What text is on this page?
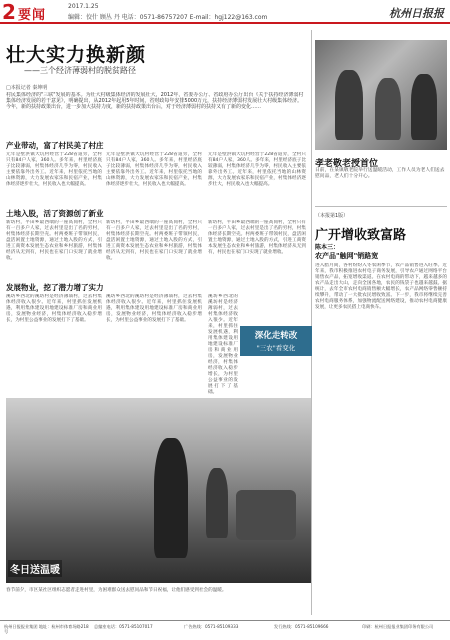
2 要闻
2017.1.25
编辑：佼什 顾丛 丹 电话：0571-86757207 E-mail：hgj122@163.com	杭州日报报
壮大实力换新颜
——三个经济薄弱村的脱贫路径
□本报记者 秦坤明
村民集体经济的"三联"发展的基本。为壮大村级集体经济的发展壮大，2012年，省委办公厅、省政府办公厅出台《关于扶持经济薄弱村集体经济发展的若干意见》，明确提出，从2012年起用5年时间，省财政每年安排5000万元，扶持经济薄弱村发展壮大村级集体经济。今年，新的扶持政策出台，进一步加大扶持力度，新的扶持政策出台后，对于经济薄弱村的扶持又有了新的变化……
产业带动，富了村民美了村庄
元年是壁洪镇大坑村经营于228省道旁，全村只有84户人家，360人。多年来，村里经济底子比较薄弱，村集体经济几乎为零，村民收入主要依靠外出务工。近年来，村里依托当地的山林资源，大力发展农家乐和民宿产业，村集体经济逐步壮大，村民收入也大幅提高。
元年是壁洪镇大坑村经营于228省道旁，全村只有84户人家，360人。多年来，村里经济底子比较薄弱，村集体经济几乎为零，村民收入主要依靠外出务工。近年来，村里依托当地的山林资源，大力发展农家乐和民宿产业，村集体经济逐步壮大，村民收入也大幅提高。
元年是壁洪镇大坑村经营于228省道旁，全村只有84户人家，360人。多年来，村里经济底子比较薄弱，村集体经济几乎为零，村民收入主要依靠外出务工。近年来，村里依托当地的山林资源，大力发展农家乐和民宿产业，村集体经济逐步壮大，村民收入也大幅提高。
土地入股，活了资源创了新业
新坊村，平田乡最西端的一座高岗村，全村只有一百多户人家，过去村里是出了名的穷村，村集体经济长期空壳。村两委班子带领村民，盘活闲置土地资源，通过土地入股的方式，引进工商资本发展生态农业和乡村旅游，村集体经济从无到有，村民也在家门口实现了就业增收。
新坊村，平田乡最西端的一座高岗村，全村只有一百多户人家，过去村里是出了名的穷村，村集体经济长期空壳。村两委班子带领村民，盘活闲置土地资源，通过土地入股的方式，引进工商资本发展生态农业和乡村旅游，村集体经济从无到有，村民也在家门口实现了就业增收。
新坊村，平田乡最西端的一座高岗村，全村只有一百多户人家，过去村里是出了名的穷村，村集体经济长期空壳。村两委班子带领村民，盘活闲置土地资源，通过土地入股的方式，引进工商资本发展生态农业和乡村旅游，村集体经济从无到有，村民也在家门口实现了就业增收。
发展物业，挖了潜力增了实力
溪坊乡西北的溪坊村是经济薄弱村，过去村集体经济收入很少。近年来，村里抓住发展机遇，利用集体建设用地建设标准厂房和商业用房，发展物业经济，村集体经济收入稳步增长，为村里公益事业的发展打下了基础。
溪坊乡西北的溪坊村是经济薄弱村，过去村集体经济收入很少。近年来，村里抓住发展机遇，利用集体建设用地建设标准厂房和商业用房，发展物业经济，村集体经济收入稳步增长，为村里公益事业的发展打下了基础。
溪坊乡西北的溪坊村是经济薄弱村，过去村集体经济收入很少。近年来，村里抓住发展机遇，利用集体建设用地建设标准厂房和商业用房，发展物业经济，村集体经济收入稳步增长，为村里公益事业的发展打下了基础。
深化走转改
"三农"看变化
冬日送温暖
春节前夕，市区某社区组织志愿者走进村里，为困难群众送去慰问品和节日祝福，让他们感受到社会的温暖。
孝老敬老授首位
日前，在某镇敬老院举行送温暖活动，工作人员为老人们送去慰问品，老人们十分开心。
（本报第1版）
广开增收致富路
陈本三：
农产品"触网"销路宽
进入腊月间，各村纷纷入冬农闲季节，农产品销售进入旺季。近年来，我市积极推进农村电子商务发展，引导农户通过网络平台销售农产品，拓宽增收渠道。在农村电商的带动下，越来越多的农产品走出大山，走向全国各地，农民的钱袋子也越来越鼓。据统计，去年全市农村电商销售额大幅增长，农产品网络零售额持续攀升，带动了一大批农民增收致富。下一步，我市将继续完善农村电商服务体系，加强物流配送网络建设，推动农村电商健康发展，让更多农民搭上电商快车。
杭州日报报业集团 地址：杭州市体育场路218号
总编室电话：0571-85107017	广告热线：0571-85109333	发行热线：0571-85109666	印刷：杭州日报报业集团印务有限公司
